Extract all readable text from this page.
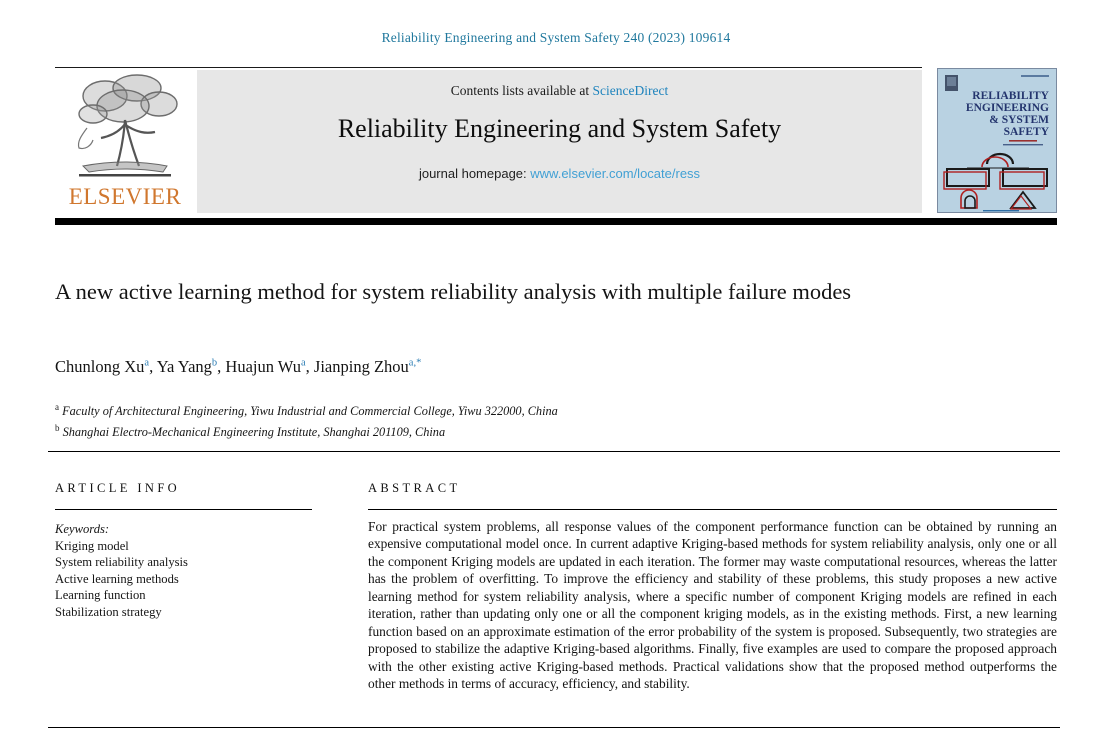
Reliability Engineering and System Safety 240 (2023) 109614
ELSEVIER
Contents lists available at ScienceDirect
Reliability Engineering and System Safety
journal homepage: www.elsevier.com/locate/ress
RELIABILITY
ENGINEERING
& SYSTEM
SAFETY
A new active learning method for system reliability analysis with multiple failure modes
Chunlong Xu$^a$, Ya Yang$^b$, Huajun Wu$^a$, Jianping Zhou$^{a,*}$
$^a$ Faculty of Architectural Engineering, Yiwu Industrial and Commercial College, Yiwu 322000, China
$^b$ Shanghai Electro-Mechanical Engineering Institute, Shanghai 201109, China
ARTICLE INFO	ABSTRACT
Keywords:
Kriging model
System reliability analysis
Active learning methods
Learning function
Stabilization strategy
For practical system problems, all response values of the component performance function can be obtained by running an expensive computational model once. In current adaptive Kriging-based methods for system reliability analysis, only one or all the component Kriging models are updated in each iteration. The former may waste computational resources, whereas the latter has the problem of overfitting. To improve the efficiency and stability of these problems, this study proposes a new active learning method for system reliability analysis, where a specific number of component Kriging models are refined in each iteration, rather than updating only one or all the component kriging models, as in the existing methods. First, a new learning function based on an approximate estimation of the error probability of the system is proposed. Subsequently, two strategies are proposed to stabilize the adaptive Kriging-based algorithms. Finally, five examples are used to compare the proposed approach with the other existing active Kriging-based methods. Practical validations show that the proposed method outperforms the other methods in terms of accuracy, efficiency, and stability.
